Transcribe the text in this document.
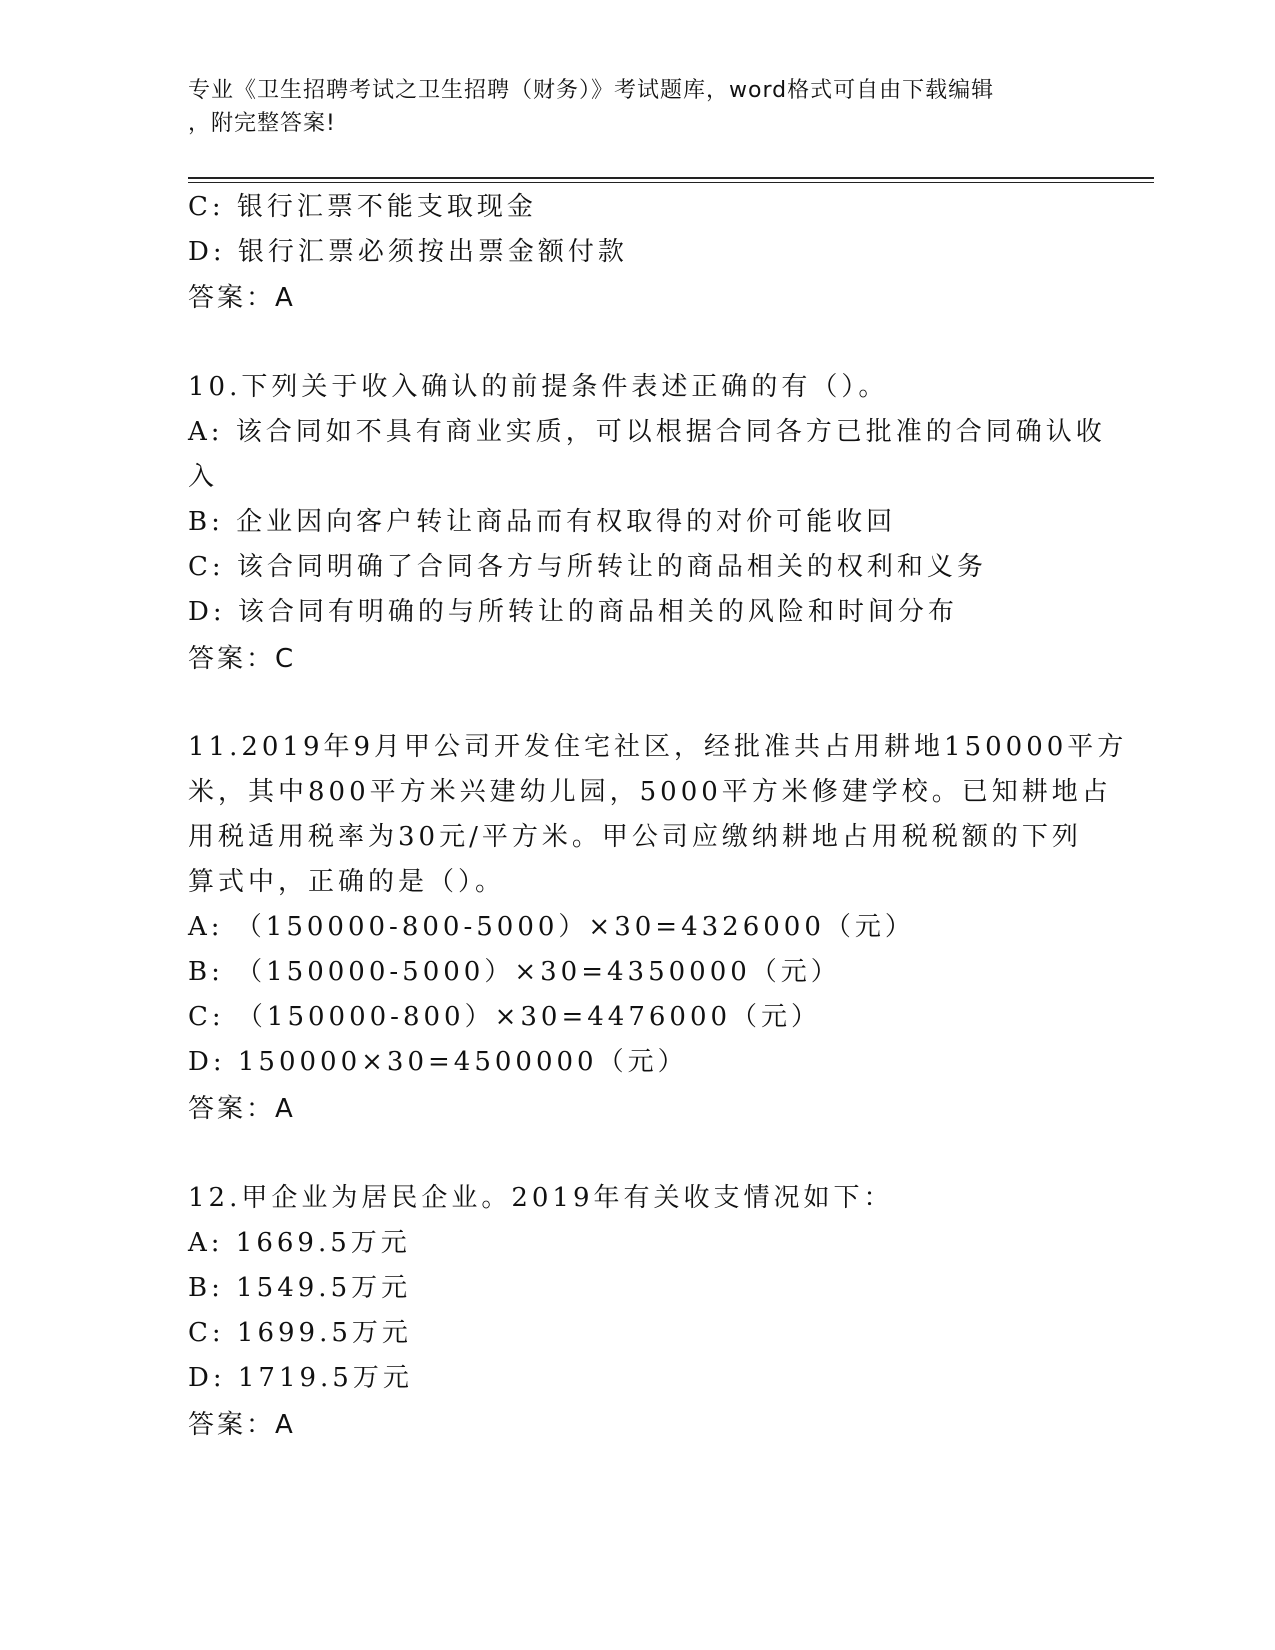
专业《卫生招聘考试之卫生招聘（财务）》考试题库，word格式可自由下载编辑
，附完整答案!
C: 银行汇票不能支取现金
D: 银行汇票必须按出票金额付款
答案：A
10.下列关于收入确认的前提条件表述正确的有（）。
A: 该合同如不具有商业实质，可以根据合同各方已批准的合同确认收
入
B: 企业因向客户转让商品而有权取得的对价可能收回
C: 该合同明确了合同各方与所转让的商品相关的权利和义务
D: 该合同有明确的与所转让的商品相关的风险和时间分布
答案：C
11.2019年9月甲公司开发住宅社区，经批准共占用耕地150000平方
米，其中800平方米兴建幼儿园，5000平方米修建学校。已知耕地占
用税适用税率为30元/平方米。甲公司应缴纳耕地占用税税额的下列
算式中，正确的是（）。
A: （150000-800-5000）×30=4326000（元）
B: （150000-5000）×30=4350000（元）
C: （150000-800）×30=4476000（元）
D: 150000×30=4500000（元）
答案：A
12.甲企业为居民企业。2019年有关收支情况如下：
A: 1669.5万元
B: 1549.5万元
C: 1699.5万元
D: 1719.5万元
答案：A
